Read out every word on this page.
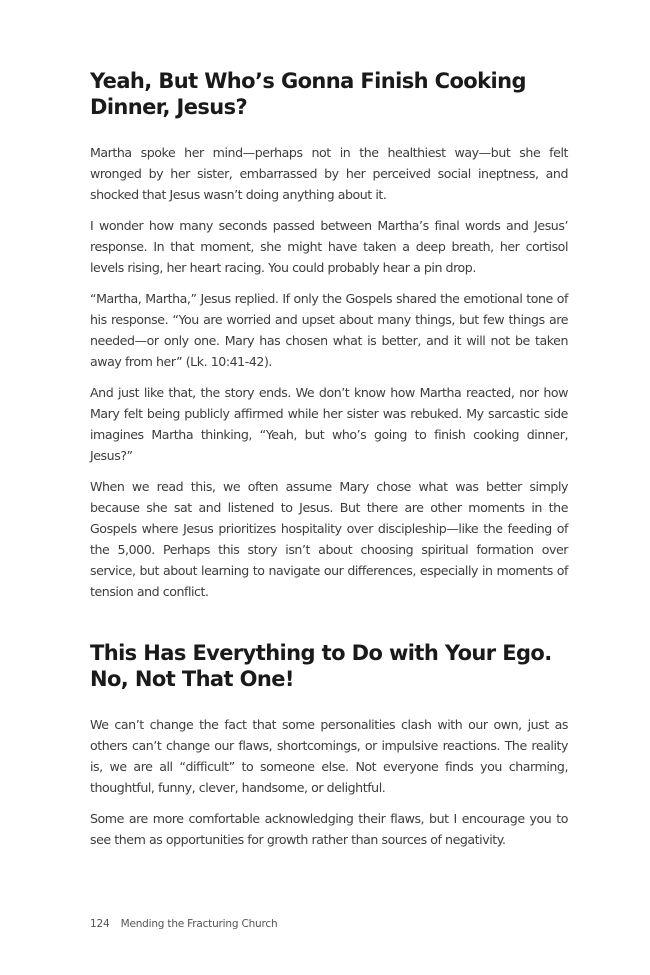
Yeah, But Who’s Gonna Finish Cooking Dinner, Jesus?

Martha spoke her mind—perhaps not in the healthiest way—but she felt wronged by her sister, embarrassed by her perceived social ineptness, and shocked that Jesus wasn’t doing anything about it.

I wonder how many seconds passed between Martha’s final words and Jesus’ response. In that moment, she might have taken a deep breath, her cortisol levels rising, her heart racing. You could probably hear a pin drop.

“Martha, Martha,” Jesus replied. If only the Gospels shared the emotional tone of his response. “You are worried and upset about many things, but few things are needed—or only one. Mary has chosen what is better, and it will not be taken away from her” (Lk. 10:41-42).

And just like that, the story ends. We don’t know how Martha reacted, nor how Mary felt being publicly affirmed while her sister was rebuked. My sarcastic side imagines Martha thinking, “Yeah, but who’s going to finish cooking dinner, Jesus?”

When we read this, we often assume Mary chose what was better simply because she sat and listened to Jesus. But there are other moments in the Gospels where Jesus prioritizes hospitality over discipleship—like the feeding of the 5,000. Perhaps this story isn’t about choosing spiritual formation over service, but about learning to navigate our differences, especially in moments of tension and conflict.

This Has Everything to Do with Your Ego. No, Not That One!

We can’t change the fact that some personalities clash with our own, just as others can’t change our flaws, shortcomings, or impulsive reactions. The reality is, we are all “difficult” to someone else. Not everyone finds you charming, thoughtful, funny, clever, handsome, or delightful.

Some are more comfortable acknowledging their flaws, but I encourage you to see them as opportunities for growth rather than sources of negativity.

124 Mending the Fracturing Church
